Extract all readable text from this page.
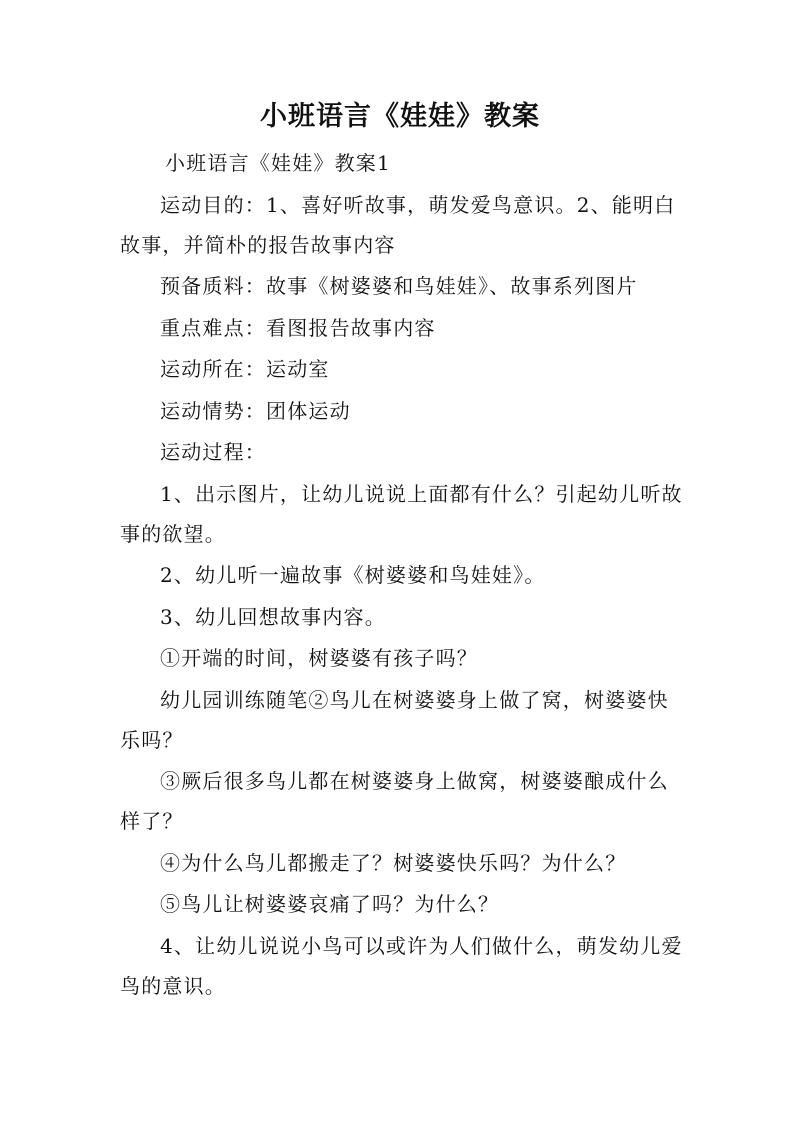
小班语言《娃娃》教案

小班语言《娃娃》教案1

运动目的：1、喜好听故事，萌发爱鸟意识。2、能明白故事，并简朴的报告故事内容

预备质料：故事《树婆婆和鸟娃娃》、故事系列图片

重点难点：看图报告故事内容

运动所在：运动室

运动情势：团体运动

运动过程：

1、出示图片，让幼儿说说上面都有什么？引起幼儿听故事的欲望。

2、幼儿听一遍故事《树婆婆和鸟娃娃》。

3、幼儿回想故事内容。

①开端的时间，树婆婆有孩子吗？

幼儿园训练随笔②鸟儿在树婆婆身上做了窝，树婆婆快乐吗？

③厥后很多鸟儿都在树婆婆身上做窝，树婆婆酿成什么样了？

④为什么鸟儿都搬走了？树婆婆快乐吗？为什么？

⑤鸟儿让树婆婆哀痛了吗？为什么？

4、让幼儿说说小鸟可以或许为人们做什么，萌发幼儿爱鸟的意识。
